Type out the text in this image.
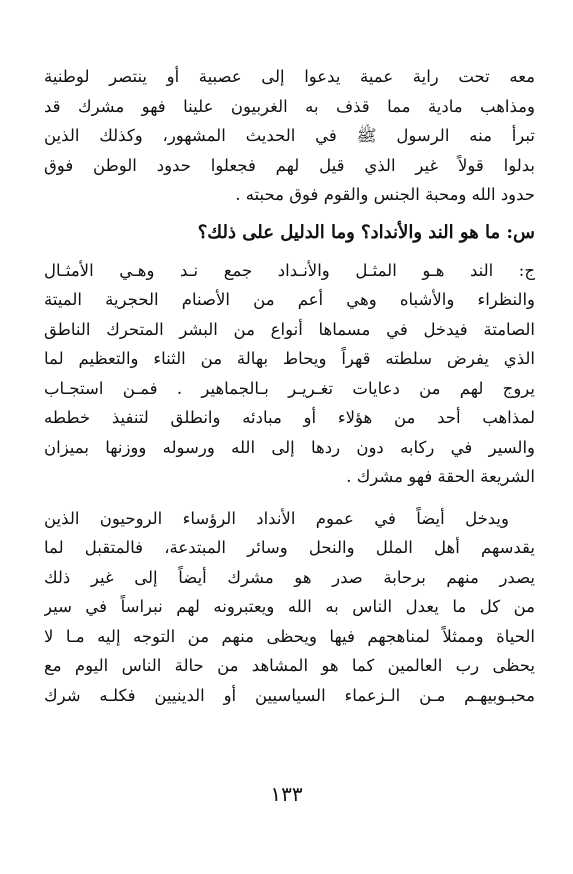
معه تحت راية عمية يدعوا إلى عصبية أو ينتصر لوطنية
ومذاهب مادية مما قذف به الغربيون علينا فهو مشرك قد
تبرأ منه الرسول ﷺ في الحديث المشهور، وكذلك الذين
بدلوا قولاً غير الذي قيل لهم فجعلوا حدود الوطن فوق
حدود الله ومحبة الجنس والقوم فوق محبته .
س: ما هو الند والأنداد؟ وما الدليل على ذلك؟
ج: الند هـو المثـل والأنـداد جمع نـد وهـي الأمثـال
والنظراء والأشباه وهي أعم من الأصنام الحجرية الميتة
الصامتة فيدخل في مسماها أنواع من البشر المتحرك الناطق
الذي يفرض سلطته قهراً ويحاط بهالة من الثناء والتعظيم لما
يروج لهم من دعايات تغـريـر بـالجماهير . فمـن استجـاب
لمذاهب أحد من هؤلاء أو مبادئه وانطلق لتنفيذ خططه
والسير في ركابه دون ردها إلى الله ورسوله ووزنها بميزان
الشريعة الحقة فهو مشرك .
ويدخل أيضاً في عموم الأنداد الرؤساء الروحيون الذين
يقدسهم أهل الملل والنحل وسائر المبتدعة، فالمتقبل لما
يصدر منهم برحابة صدر هو مشرك أيضاً إلى غير ذلك
من كل ما يعدل الناس به الله ويعتبرونه لهم نبراساً في سير
الحياة وممثلاً لمناهجهم فيها ويحظى منهم من التوجه إليه مـا لا
يحظى رب العالمين كما هو المشاهد من حالة الناس اليوم مع
محبـوبيهـم مـن الـزعماء السياسيين أو الدينيين فكلـه شرك
١٣٣
